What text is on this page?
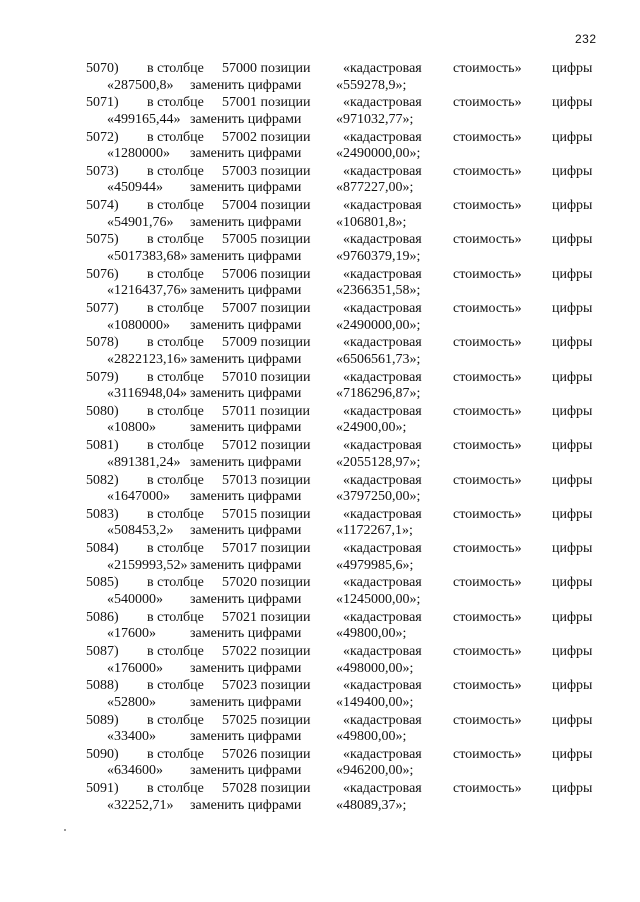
232
5070) в столбце 57000 позиции «кадастровая стоимость» цифры
«287500,8» заменить цифрами «559278,9»;
5071) в столбце 57001 позиции «кадастровая стоимость» цифры
«499165,44» заменить цифрами «971032,77»;
5072) в столбце 57002 позиции «кадастровая стоимость» цифры
«1280000» заменить цифрами «2490000,00»;
5073) в столбце 57003 позиции «кадастровая стоимость» цифры
«450944» заменить цифрами «877227,00»;
5074) в столбце 57004 позиции «кадастровая стоимость» цифры
«54901,76» заменить цифрами «106801,8»;
5075) в столбце 57005 позиции «кадастровая стоимость» цифры
«5017383,68» заменить цифрами «9760379,19»;
5076) в столбце 57006 позиции «кадастровая стоимость» цифры
«1216437,76» заменить цифрами «2366351,58»;
5077) в столбце 57007 позиции «кадастровая стоимость» цифры
«1080000» заменить цифрами «2490000,00»;
5078) в столбце 57009 позиции «кадастровая стоимость» цифры
«2822123,16» заменить цифрами «6506561,73»;
5079) в столбце 57010 позиции «кадастровая стоимость» цифры
«3116948,04» заменить цифрами «7186296,87»;
5080) в столбце 57011 позиции «кадастровая стоимость» цифры
«10800» заменить цифрами «24900,00»;
5081) в столбце 57012 позиции «кадастровая стоимость» цифры
«891381,24» заменить цифрами «2055128,97»;
5082) в столбце 57013 позиции «кадастровая стоимость» цифры
«1647000» заменить цифрами «3797250,00»;
5083) в столбце 57015 позиции «кадастровая стоимость» цифры
«508453,2» заменить цифрами «1172267,1»;
5084) в столбце 57017 позиции «кадастровая стоимость» цифры
«2159993,52» заменить цифрами «4979985,6»;
5085) в столбце 57020 позиции «кадастровая стоимость» цифры
«540000» заменить цифрами «1245000,00»;
5086) в столбце 57021 позиции «кадастровая стоимость» цифры
«17600» заменить цифрами «49800,00»;
5087) в столбце 57022 позиции «кадастровая стоимость» цифры
«176000» заменить цифрами «498000,00»;
5088) в столбце 57023 позиции «кадастровая стоимость» цифры
«52800» заменить цифрами «149400,00»;
5089) в столбце 57025 позиции «кадастровая стоимость» цифры
«33400» заменить цифрами «49800,00»;
5090) в столбце 57026 позиции «кадастровая стоимость» цифры
«634600» заменить цифрами «946200,00»;
5091) в столбце 57028 позиции «кадастровая стоимость» цифры
«32252,71» заменить цифрами «48089,37»;
